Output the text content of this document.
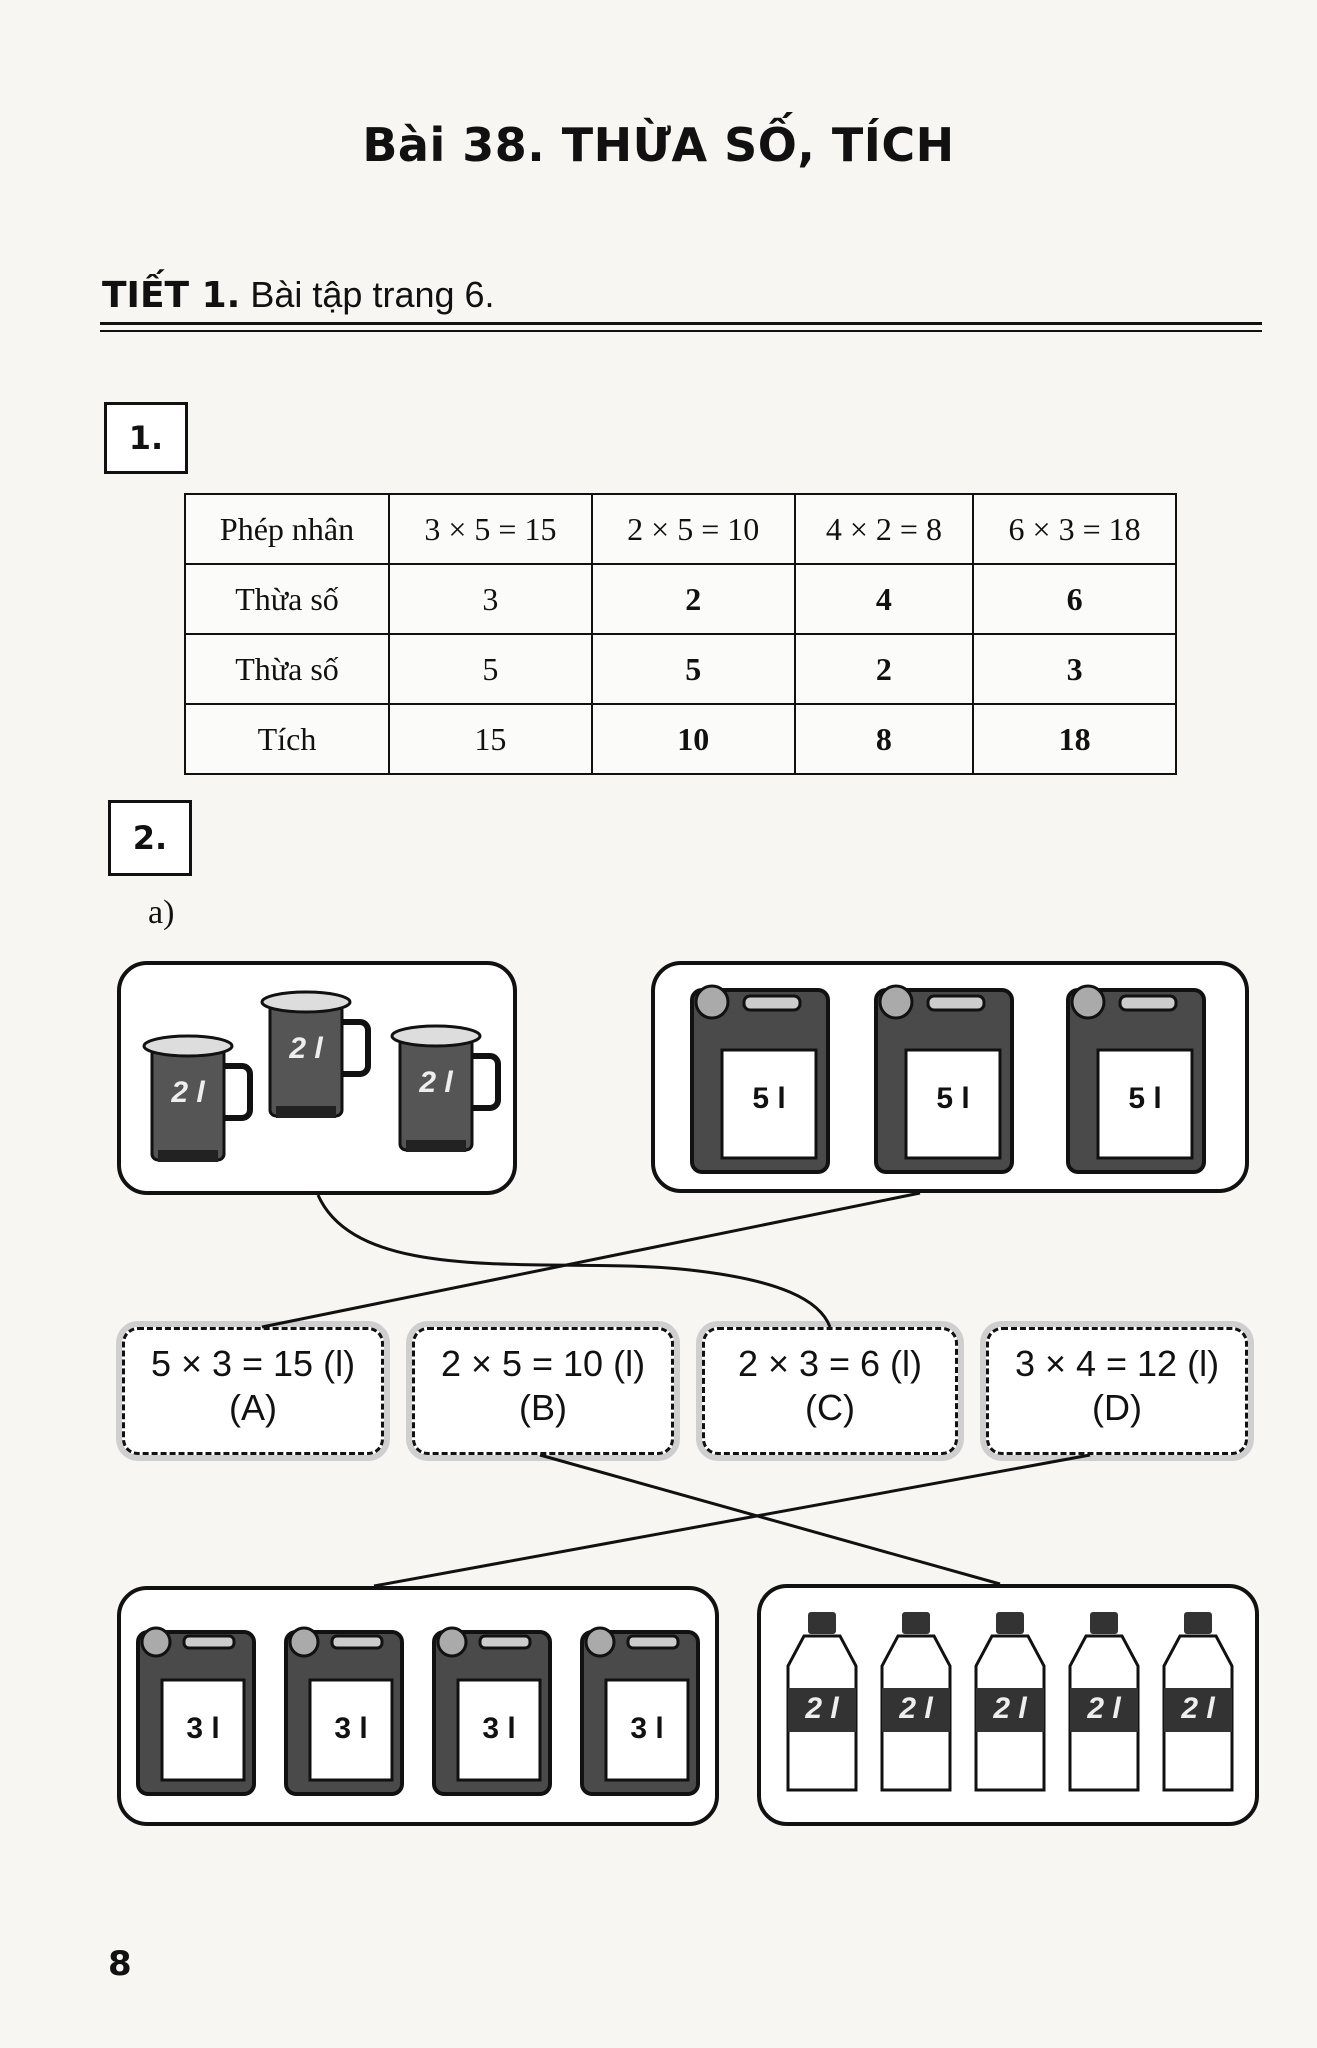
Bài 38. THỪA SỐ, TÍCH
TIẾT 1. Bài tập trang 6.
1.
Phép nhân	3 × 5 = 15	2 × 5 = 10	4 × 2 = 8	6 × 3 = 18
Thừa số	3	2	4	6
Thừa số	5	5	2	3
Tích	15	10	8	18
2.
a)
2 l
2 l
2 l	5 l	5 l	5 l
5 × 3 = 15 (l)
(A)
2 × 5 = 10 (l)
(B)
2 × 3 = 6 (l)
(C)
3 × 4 = 12 (l)
(D)
3 l	3 l	3 l	3 l
2 l	2 l	2 l	2 l	2 l
8
